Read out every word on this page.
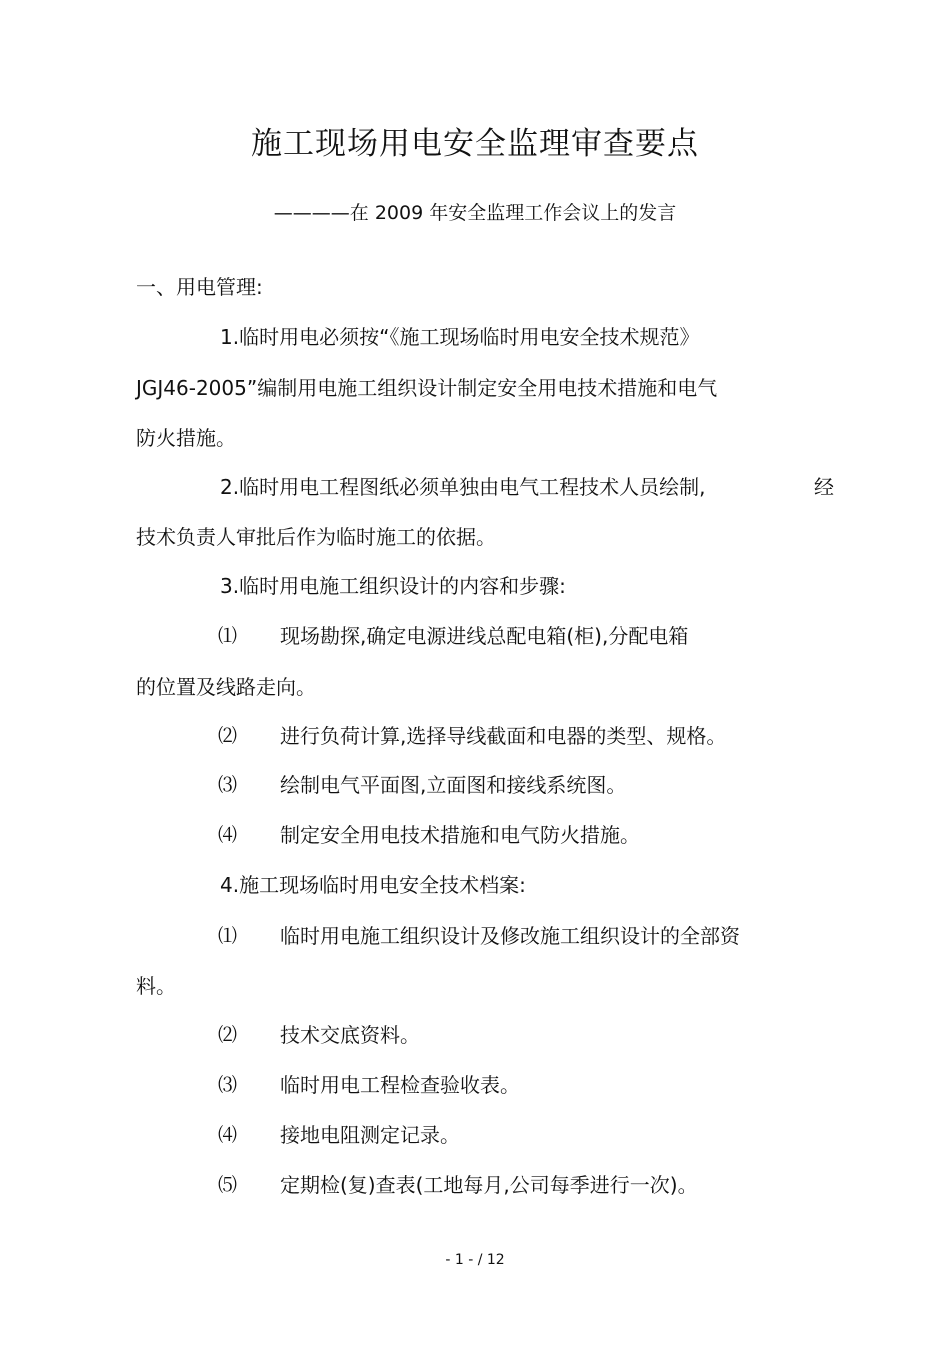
施工现场用电安全监理审查要点
————在 2009 年安全监理工作会议上的发言
一、用电管理:
1.临时用电必须按“《施工现场临时用电安全技术规范》
JGJ46-2005”编制用电施工组织设计制定安全用电技术措施和电气
防火措施。
2.临时用电工程图纸必须单独由电气工程技术人员绘制,	经
技术负责人审批后作为临时施工的依据。
3.临时用电施工组织设计的内容和步骤:
⑴ 现场勘探,确定电源进线总配电箱(柜),分配电箱
的位置及线路走向。
⑵ 进行负荷计算,选择导线截面和电器的类型、规格。
⑶ 绘制电气平面图,立面图和接线系统图。
⑷ 制定安全用电技术措施和电气防火措施。
4.施工现场临时用电安全技术档案:
⑴ 临时用电施工组织设计及修改施工组织设计的全部资
料。
⑵ 技术交底资料。
⑶ 临时用电工程检查验收表。
⑷ 接地电阻测定记录。
⑸ 定期检(复)查表(工地每月,公司每季进行一次)。
- 1 - / 12
